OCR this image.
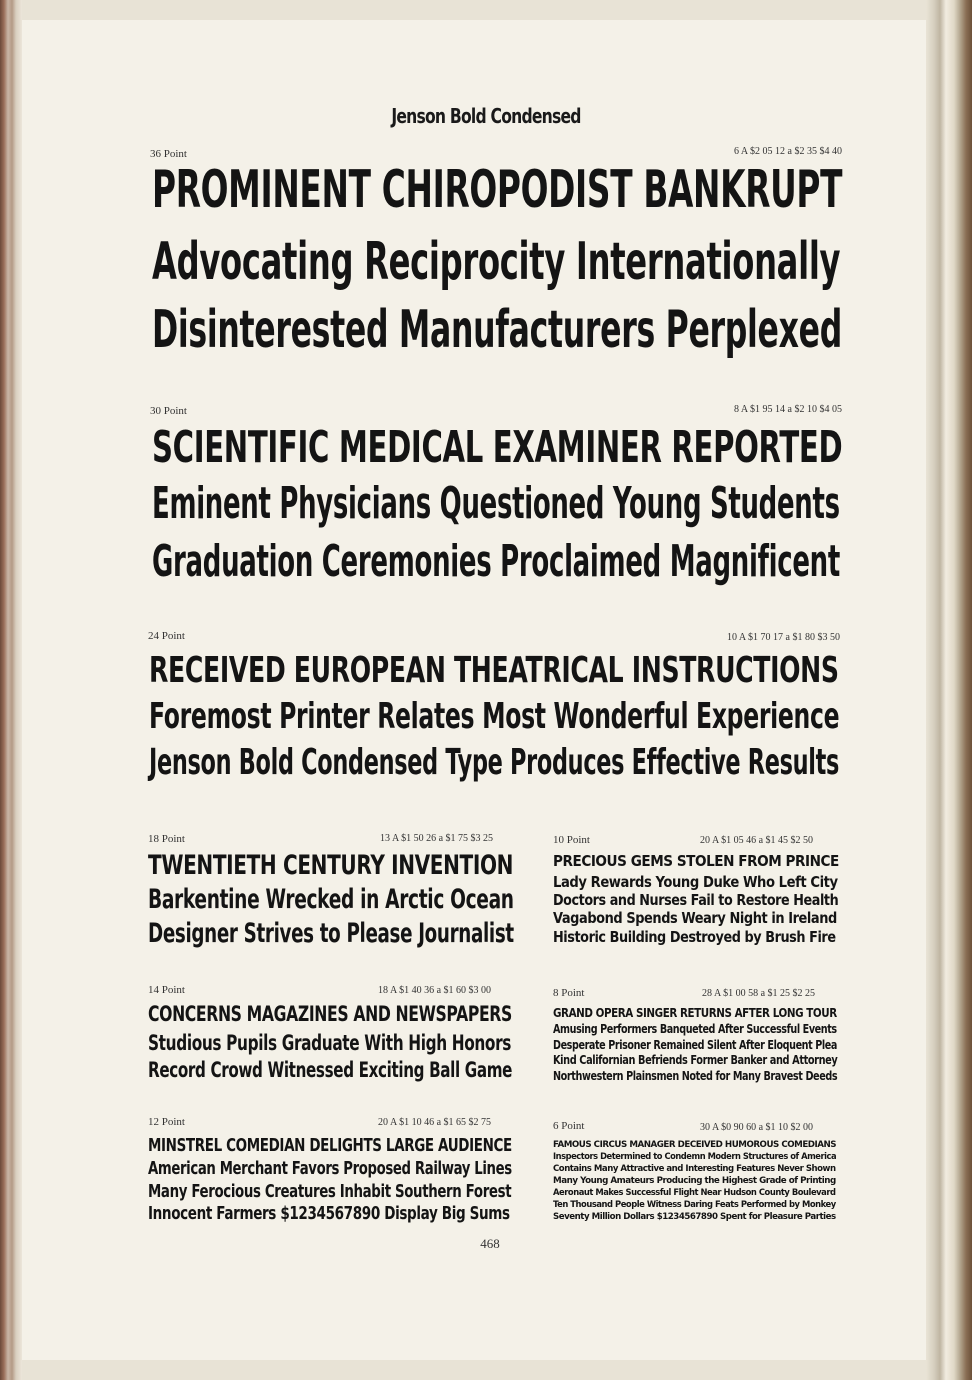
Jenson Bold Condensed
36 Point	6 A $2 05 12 a $2 35 $4 40
PROMINENT CHIROPODIST BANKRUPT
Advocating Reciprocity Internationally
Disinterested Manufacturers Perplexed
30 Point	8 A $1 95 14 a $2 10 $4 05
SCIENTIFIC MEDICAL EXAMINER REPORTED
Eminent Physicians Questioned Young Students
Graduation Ceremonies Proclaimed Magnificent
24 Point	10 A $1 70 17 a $1 80 $3 50
RECEIVED EUROPEAN THEATRICAL INSTRUCTIONS
Foremost Printer Relates Most Wonderful Experience
Jenson Bold Condensed Type Produces Effective Results
18 Point	13 A $1 50 26 a $1 75 $3 25
TWENTIETH CENTURY INVENTION
Barkentine Wrecked in Arctic Ocean
Designer Strives to Please Journalist
10 Point	20 A $1 05 46 a $1 45 $2 50
PRECIOUS GEMS STOLEN FROM PRINCE
Lady Rewards Young Duke Who Left City
Doctors and Nurses Fail to Restore Health
Vagabond Spends Weary Night in Ireland
Historic Building Destroyed by Brush Fire
14 Point	18 A $1 40 36 a $1 60 $3 00
CONCERNS MAGAZINES AND NEWSPAPERS
Studious Pupils Graduate With High Honors
Record Crowd Witnessed Exciting Ball Game
8 Point	28 A $1 00 58 a $1 25 $2 25
GRAND OPERA SINGER RETURNS AFTER LONG TOUR
Amusing Performers Banqueted After Successful Events
Desperate Prisoner Remained Silent After Eloquent Plea
Kind Californian Befriends Former Banker and Attorney
Northwestern Plainsmen Noted for Many Bravest Deeds
12 Point	20 A $1 10 46 a $1 65 $2 75
MINSTREL COMEDIAN DELIGHTS LARGE AUDIENCE
American Merchant Favors Proposed Railway Lines
Many Ferocious Creatures Inhabit Southern Forest
Innocent Farmers $1234567890 Display Big Sums
6 Point	30 A $0 90 60 a $1 10 $2 00
FAMOUS CIRCUS MANAGER DECEIVED HUMOROUS COMEDIANS
Inspectors Determined to Condemn Modern Structures of America
Contains Many Attractive and Interesting Features Never Shown
Many Young Amateurs Producing the Highest Grade of Printing
Aeronaut Makes Successful Flight Near Hudson County Boulevard
Ten Thousand People Witness Daring Feats Performed by Monkey
Seventy Million Dollars $1234567890 Spent for Pleasure Parties
468
